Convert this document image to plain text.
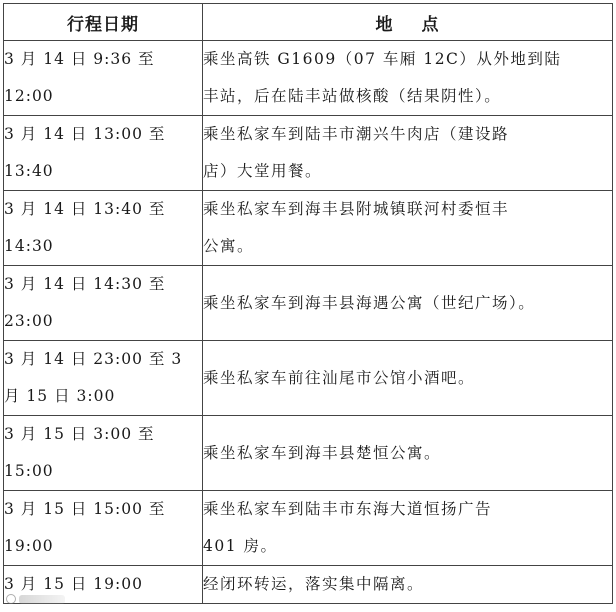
行程日期	地 点
3 月 14 日 9:36 至
12:00	乘坐高铁 G1609（07 车厢 12C）从外地到陆
丰站，后在陆丰站做核酸（结果阴性）。
3 月 14 日 13:00 至
13:40	乘坐私家车到陆丰市潮兴牛肉店（建设路
店）大堂用餐。
3 月 14 日 13:40 至
14:30	乘坐私家车到海丰县附城镇联河村委恒丰
公寓。
3 月 14 日 14:30 至
23:00	乘坐私家车到海丰县海遇公寓（世纪广场）。
3 月 14 日 23:00 至 3
月 15 日 3:00	乘坐私家车前往汕尾市公馆小酒吧。
3 月 15 日 3:00 至
15:00	乘坐私家车到海丰县楚恒公寓。
3 月 15 日 15:00 至
19:00	乘坐私家车到陆丰市东海大道恒扬广告
401 房。
3 月 15 日 19:00	经闭环转运，落实集中隔离。
